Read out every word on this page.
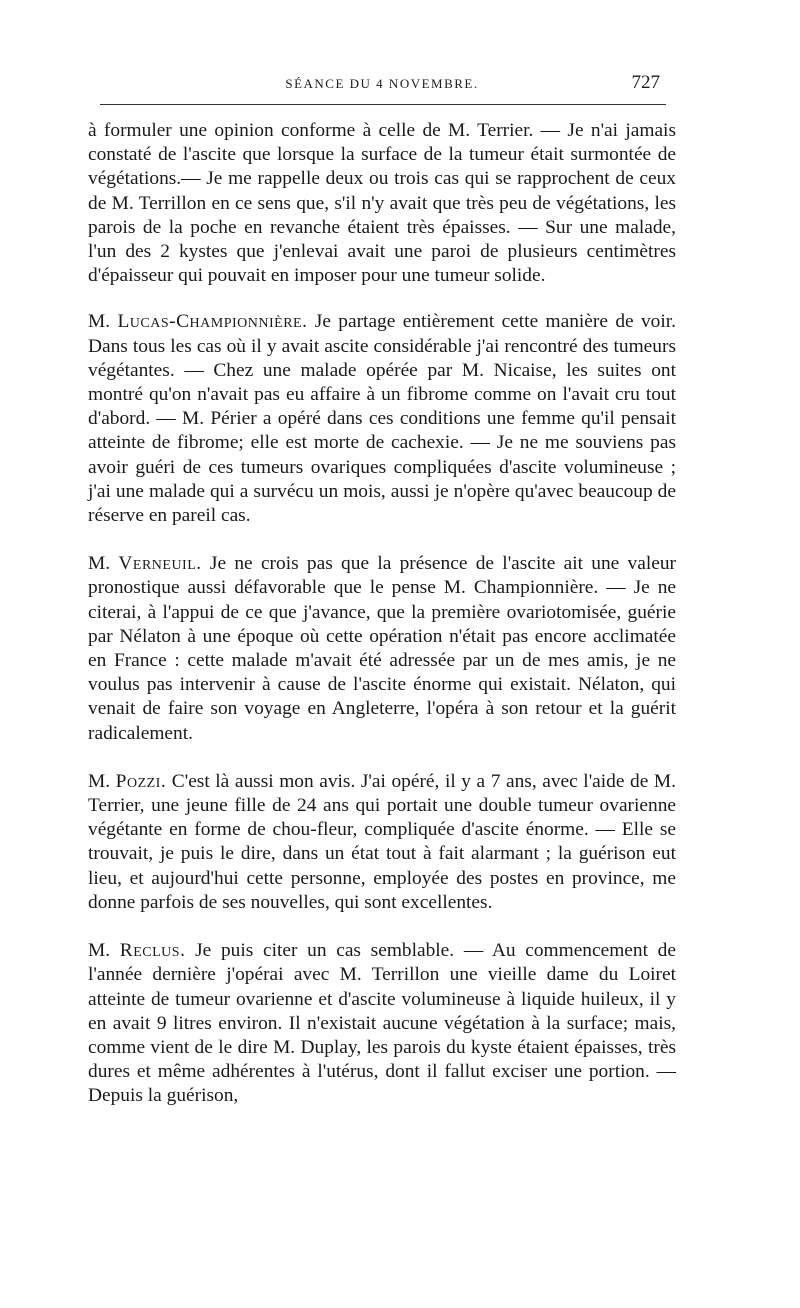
SÉANCE DU 4 NOVEMBRE.	727

à formuler une opinion conforme à celle de M. Terrier. — Je n'ai jamais constaté de l'ascite que lorsque la surface de la tumeur était surmontée de végétations.— Je me rappelle deux ou trois cas qui se rapprochent de ceux de M. Terrillon en ce sens que, s'il n'y avait que très peu de végétations, les parois de la poche en revanche étaient très épaisses. — Sur une malade, l'un des 2 kystes que j'enlevai avait une paroi de plusieurs centimètres d'épaisseur qui pouvait en imposer pour une tumeur solide.

M. Lucas-Championnière. Je partage entièrement cette manière de voir. Dans tous les cas où il y avait ascite considérable j'ai rencontré des tumeurs végétantes. — Chez une malade opérée par M. Nicaise, les suites ont montré qu'on n'avait pas eu affaire à un fibrome comme on l'avait cru tout d'abord. — M. Périer a opéré dans ces conditions une femme qu'il pensait atteinte de fibrome; elle est morte de cachexie. — Je ne me souviens pas avoir guéri de ces tumeurs ovariques compliquées d'ascite volumineuse ; j'ai une malade qui a survécu un mois, aussi je n'opère qu'avec beaucoup de réserve en pareil cas.

M. Verneuil. Je ne crois pas que la présence de l'ascite ait une valeur pronostique aussi défavorable que le pense M. Championnière. — Je ne citerai, à l'appui de ce que j'avance, que la première ovariotomisée, guérie par Nélaton à une époque où cette opération n'était pas encore acclimatée en France : cette malade m'avait été adressée par un de mes amis, je ne voulus pas intervenir à cause de l'ascite énorme qui existait. Nélaton, qui venait de faire son voyage en Angleterre, l'opéra à son retour et la guérit radicalement.

M. Pozzi. C'est là aussi mon avis. J'ai opéré, il y a 7 ans, avec l'aide de M. Terrier, une jeune fille de 24 ans qui portait une double tumeur ovarienne végétante en forme de chou-fleur, compliquée d'ascite énorme. — Elle se trouvait, je puis le dire, dans un état tout à fait alarmant ; la guérison eut lieu, et aujourd'hui cette personne, employée des postes en province, me donne parfois de ses nouvelles, qui sont excellentes.

M. Reclus. Je puis citer un cas semblable. — Au commencement de l'année dernière j'opérai avec M. Terrillon une vieille dame du Loiret atteinte de tumeur ovarienne et d'ascite volumineuse à liquide huileux, il y en avait 9 litres environ. Il n'existait aucune végétation à la surface; mais, comme vient de le dire M. Duplay, les parois du kyste étaient épaisses, très dures et même adhérentes à l'utérus, dont il fallut exciser une portion. — Depuis la guérison,
